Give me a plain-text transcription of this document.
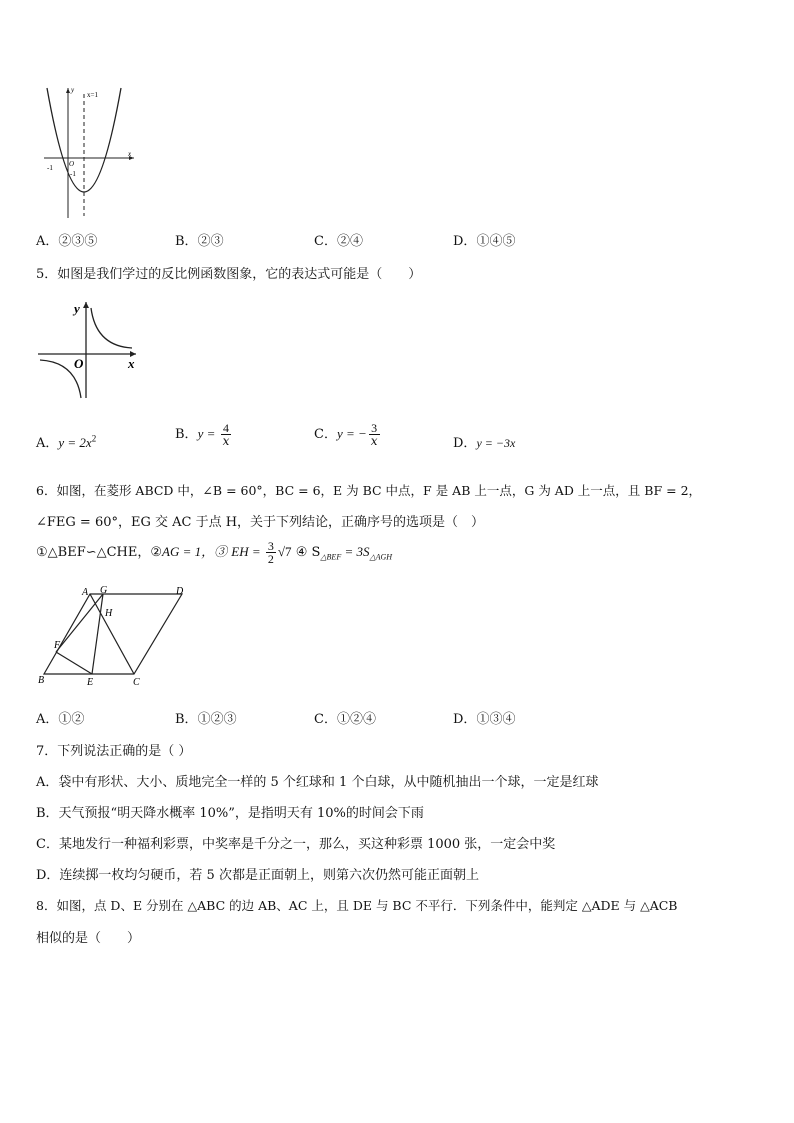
y
x
x=1
O
-1
-1
A．②③⑤	B．②③	C．②④	D．①④⑤
5．如图是我们学过的反比例函数图象，它的表达式可能是（　　）
y
x
O
A．$y = 2x^2$	B．$y = \frac{4}{x}$	C．y = − $\frac{3}{x}$	D．y = −3x
6．如图，在菱形 ABCD 中，∠B = 60°，BC = 6，E 为 BC 中点，F 是 AB 上一点，G 为 AD 上一点，且 BF = 2，
∠FEG = 60°，EG 交 AC 于点 H，关于下列结论，正确序号的选项是（　）
①△BEF∽△CHE，②AG = 1，③ EH = $\frac{3}{2} √7$ ④ $S_{\triangle BEF} = 3S_{\triangle AGH}$
A G	D
H
F
B	E	C
A．①②	B．①②③	C．①②④	D．①③④
7．下列说法正确的是（ ）
A．袋中有形状、大小、质地完全一样的 5 个红球和 1 个白球，从中随机抽出一个球，一定是红球
B．天气预报“明天降水概率 10%”，是指明天有 10%的时间会下雨
C．某地发行一种福利彩票，中奖率是千分之一，那么，买这种彩票 1000 张，一定会中奖
D．连续掷一枚均匀硬币，若 5 次都是正面朝上，则第六次仍然可能正面朝上
8．如图，点 D、E 分别在 △ABC 的边 AB、AC 上，且 DE 与 BC 不平行．下列条件中，能判定 △ADE 与 △ACB
相似的是（　　）
